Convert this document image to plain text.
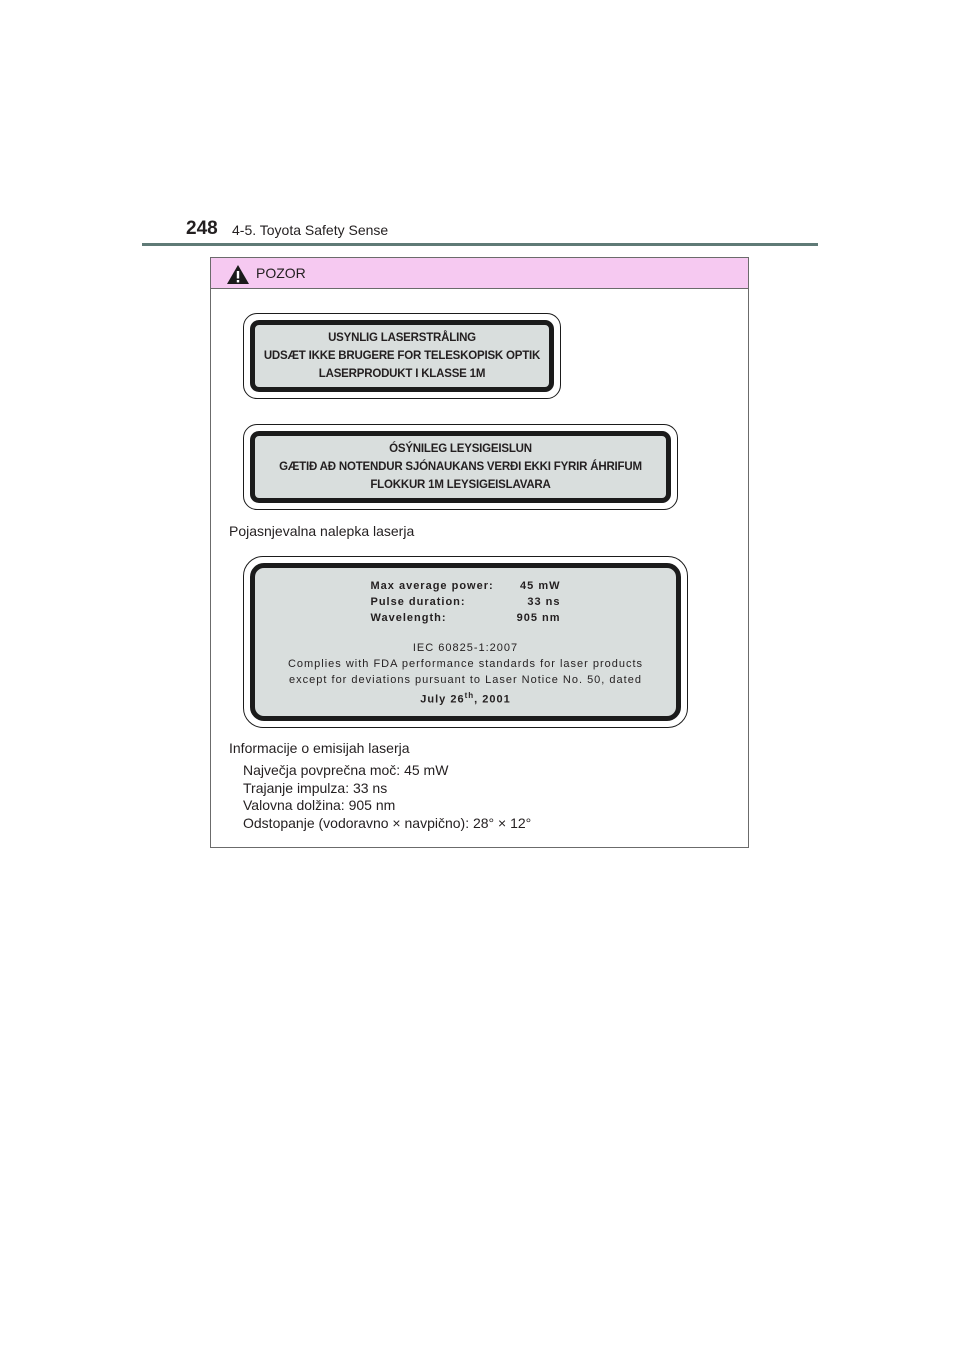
248 4-5. Toyota Safety Sense
POZOR
USYNLIG LASERSTRÅLING
UDSÆT IKKE BRUGERE FOR TELESKOPISK OPTIK
LASERPRODUKT I KLASSE 1M
ÓSÝNILEG LEYSIGEISLUN
GÆTIÐ AÐ NOTENDUR SJÓNAUKANS VERÐI EKKI FYRIR ÁHRIFUM
FLOKKUR 1M LEYSIGEISLAVARA
Pojasnjevalna nalepka laserja
Max average power:	45 mW
Pulse duration:	33 ns
Wavelength:	905 nm
IEC 60825-1:2007
Complies with FDA performance standards for laser products
except for deviations pursuant to Laser Notice No. 50, dated
July 26th, 2001
Informacije o emisijah laserja
Največja povprečna moč: 45 mW
Trajanje impulza: 33 ns
Valovna dolžina: 905 nm
Odstopanje (vodoravno × navpično): 28° × 12°
